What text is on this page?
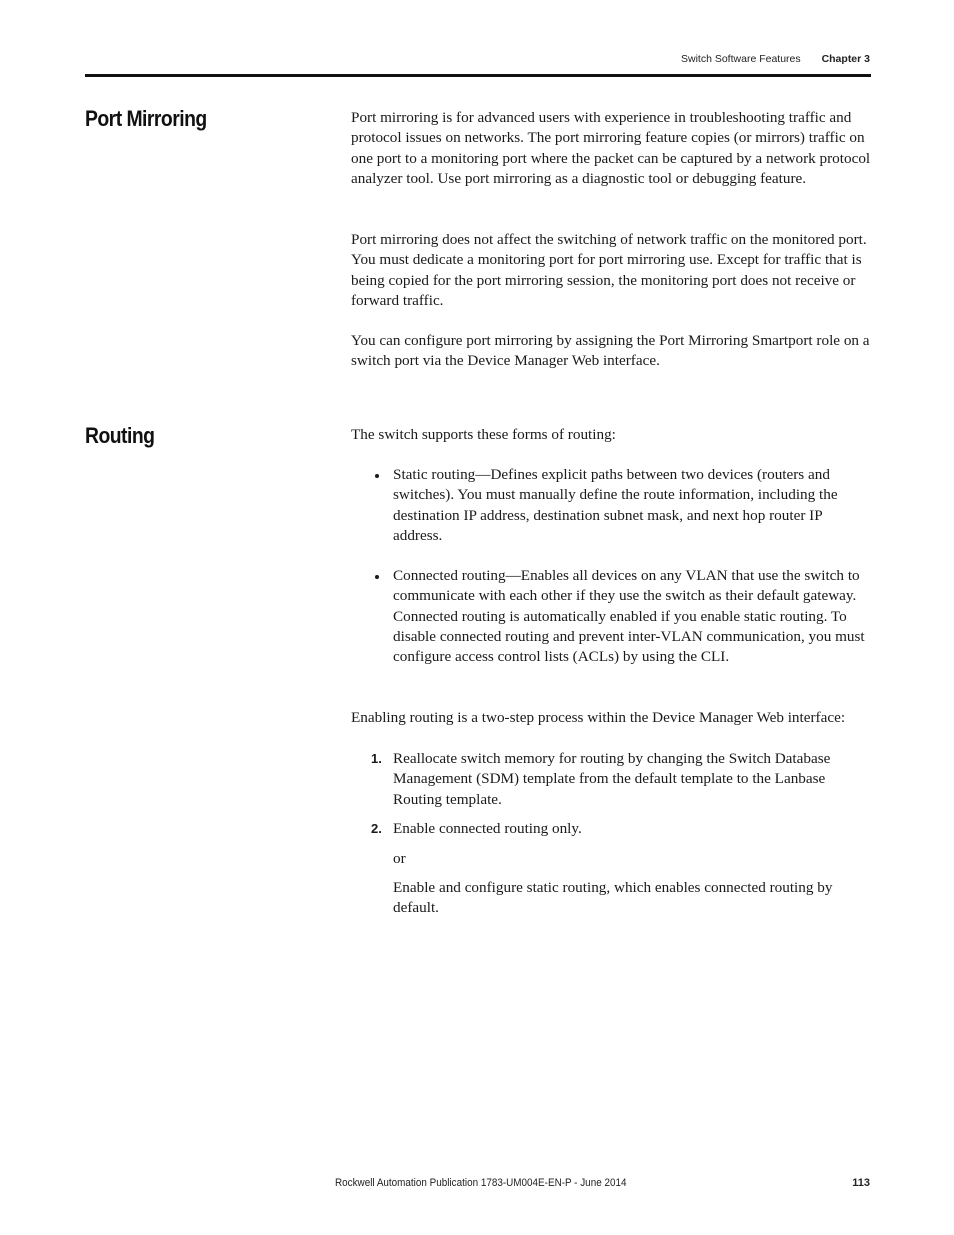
Switch Software Features Chapter 3
Port Mirroring	Port mirroring is for advanced users with experience in troubleshooting traffic and protocol issues on networks. The port mirroring feature copies (or mirrors) traffic on one port to a monitoring port where the packet can be captured by a network protocol analyzer tool. Use port mirroring as a diagnostic tool or debugging feature.

Port mirroring does not affect the switching of network traffic on the monitored port. You must dedicate a monitoring port for port mirroring use. Except for traffic that is being copied for the port mirroring session, the monitoring port does not receive or forward traffic.

You can configure port mirroring by assigning the Port Mirroring Smartport role on a switch port via the Device Manager Web interface.

Routing	The switch supports these forms of routing:

Static routing—Defines explicit paths between two devices (routers and switches). You must manually define the route information, including the destination IP address, destination subnet mask, and next hop router IP address.
Connected routing—Enables all devices on any VLAN that use the switch to communicate with each other if they use the switch as their default gateway. Connected routing is automatically enabled if you enable static routing. To disable connected routing and prevent inter-VLAN communication, you must configure access control lists (ACLs) by using the CLI.

Enabling routing is a two-step process within the Device Manager Web interface:

1. Reallocate switch memory for routing by changing the Switch Database Management (SDM) template from the default template to the Lanbase Routing template.
2. Enable connected routing only.

or

Enable and configure static routing, which enables connected routing by default.

Rockwell Automation Publication 1783-UM004E-EN-P - June 2014	113
